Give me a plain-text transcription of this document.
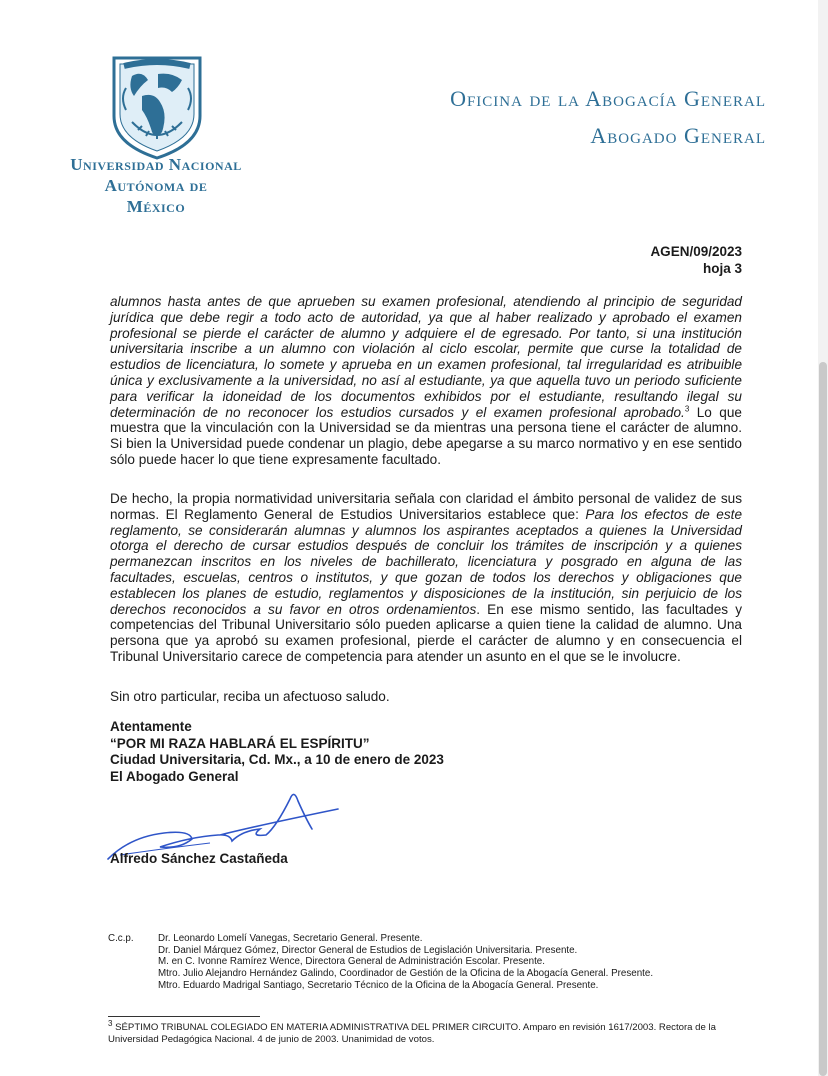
Universidad Nacional
Autónoma de
México
Oficina de la Abogacía General
Abogado General
AGEN/09/2023
hoja 3
alumnos hasta antes de que aprueben su examen profesional, atendiendo al principio de seguridad jurídica que debe regir a todo acto de autoridad, ya que al haber realizado y aprobado el examen profesional se pierde el carácter de alumno y adquiere el de egresado. Por tanto, si una institución universitaria inscribe a un alumno con violación al ciclo escolar, permite que curse la totalidad de estudios de licenciatura, lo somete y aprueba en un examen profesional, tal irregularidad es atribuible única y exclusivamente a la universidad, no así al estudiante, ya que aquella tuvo un periodo suficiente para verificar la idoneidad de los documentos exhibidos por el estudiante, resultando ilegal su determinación de no reconocer los estudios cursados y el examen profesional aprobado.$^3$ Lo que muestra que la vinculación con la Universidad se da mientras una persona tiene el carácter de alumno. Si bien la Universidad puede condenar un plagio, debe apegarse a su marco normativo y en ese sentido sólo puede hacer lo que tiene expresamente facultado.
De hecho, la propia normatividad universitaria señala con claridad el ámbito personal de validez de sus normas. El Reglamento General de Estudios Universitarios establece que: Para los efectos de este reglamento, se considerarán alumnas y alumnos los aspirantes aceptados a quienes la Universidad otorga el derecho de cursar estudios después de concluir los trámites de inscripción y a quienes permanezcan inscritos en los niveles de bachillerato, licenciatura y posgrado en alguna de las facultades, escuelas, centros o institutos, y que gozan de todos los derechos y obligaciones que establecen los planes de estudio, reglamentos y disposiciones de la institución, sin perjuicio de los derechos reconocidos a su favor en otros ordenamientos. En ese mismo sentido, las facultades y competencias del Tribunal Universitario sólo pueden aplicarse a quien tiene la calidad de alumno. Una persona que ya aprobó su examen profesional, pierde el carácter de alumno y en consecuencia el Tribunal Universitario carece de competencia para atender un asunto en el que se le involucre.
Sin otro particular, reciba un afectuoso saludo.
Atentamente
“POR MI RAZA HABLARÁ EL ESPÍRITU”
Ciudad Universitaria, Cd. Mx., a 10 de enero de 2023
El Abogado General
Alfredo Sánchez Castañeda
C.c.p. Dr. Leonardo Lomelí Vanegas, Secretario General. Presente.
Dr. Daniel Márquez Gómez, Director General de Estudios de Legislación Universitaria. Presente.
M. en C. Ivonne Ramírez Wence, Directora General de Administración Escolar. Presente.
Mtro. Julio Alejandro Hernández Galindo, Coordinador de Gestión de la Oficina de la Abogacía General. Presente.
Mtro. Eduardo Madrigal Santiago, Secretario Técnico de la Oficina de la Abogacía General. Presente.
$^3$ SÉPTIMO TRIBUNAL COLEGIADO EN MATERIA ADMINISTRATIVA DEL PRIMER CIRCUITO. Amparo en revisión 1617/2003. Rectora de la Universidad Pedagógica Nacional. 4 de junio de 2003. Unanimidad de votos.
